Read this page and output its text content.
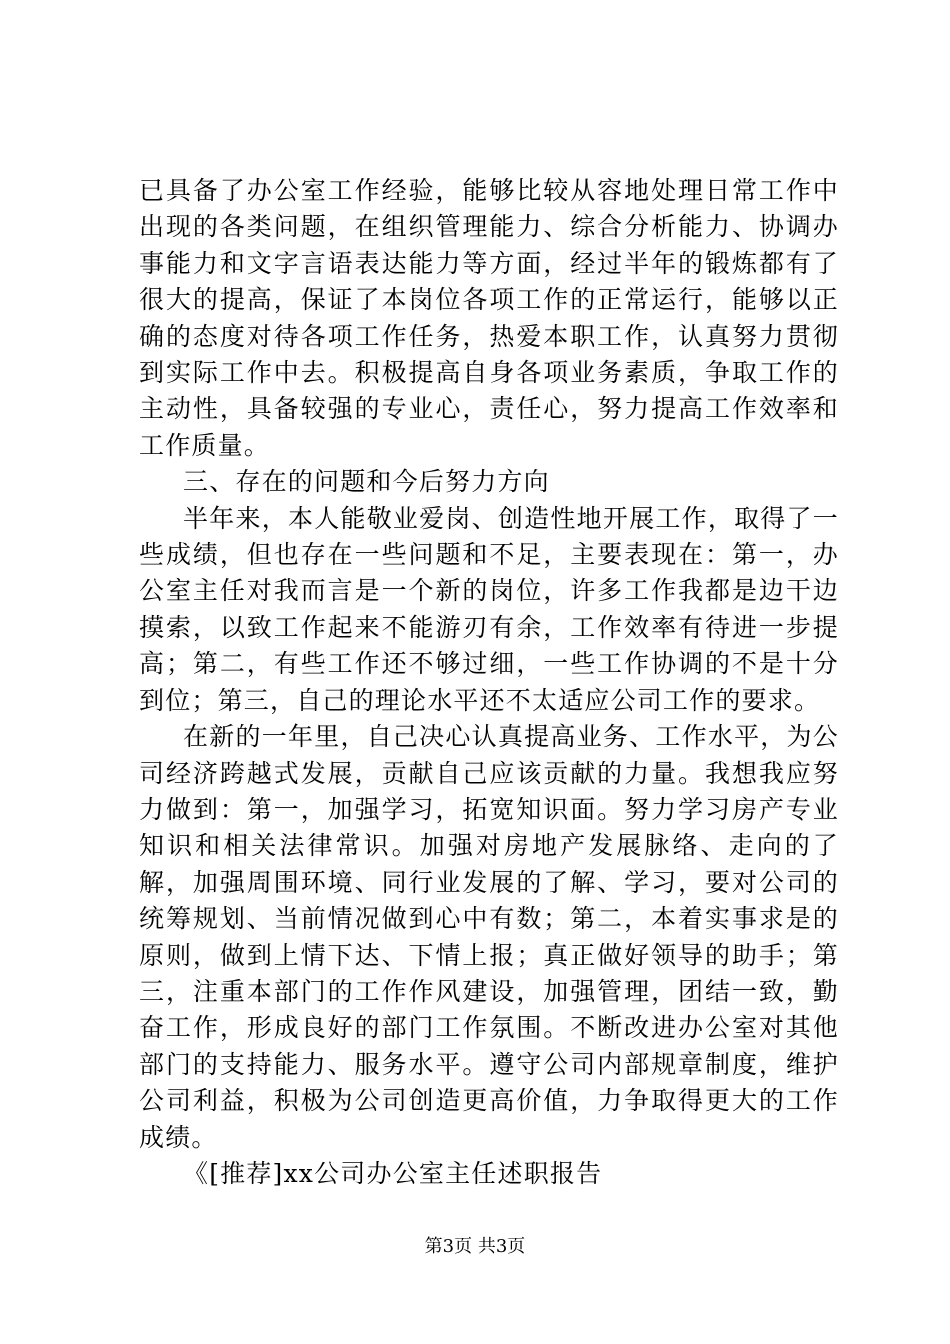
已具备了办公室工作经验，能够比较从容地处理日常工作中出现的各类问题，在组织管理能力、综合分析能力、协调办事能力和文字言语表达能力等方面，经过半年的锻炼都有了很大的提高，保证了本岗位各项工作的正常运行，能够以正确的态度对待各项工作任务，热爱本职工作，认真努力贯彻到实际工作中去。积极提高自身各项业务素质，争取工作的主动性，具备较强的专业心，责任心，努力提高工作效率和工作质量。

三、存在的问题和今后努力方向

半年来，本人能敬业爱岗、创造性地开展工作，取得了一些成绩，但也存在一些问题和不足，主要表现在：第一，办公室主任对我而言是一个新的岗位，许多工作我都是边干边摸索，以致工作起来不能游刃有余，工作效率有待进一步提高；第二，有些工作还不够过细，一些工作协调的不是十分到位；第三，自己的理论水平还不太适应公司工作的要求。

在新的一年里，自己决心认真提高业务、工作水平，为公司经济跨越式发展，贡献自己应该贡献的力量。我想我应努力做到：第一，加强学习，拓宽知识面。努力学习房产专业知识和相关法律常识。加强对房地产发展脉络、走向的了解，加强周围环境、同行业发展的了解、学习，要对公司的统筹规划、当前情况做到心中有数；第二，本着实事求是的原则，做到上情下达、下情上报；真正做好领导的助手；第三，注重本部门的工作作风建设，加强管理，团结一致，勤奋工作，形成良好的部门工作氛围。不断改进办公室对其他部门的支持能力、服务水平。遵守公司内部规章制度，维护公司利益，积极为公司创造更高价值，力争取得更大的工作成绩。

《[推荐]xx公司办公室主任述职报告

第3页 共3页
